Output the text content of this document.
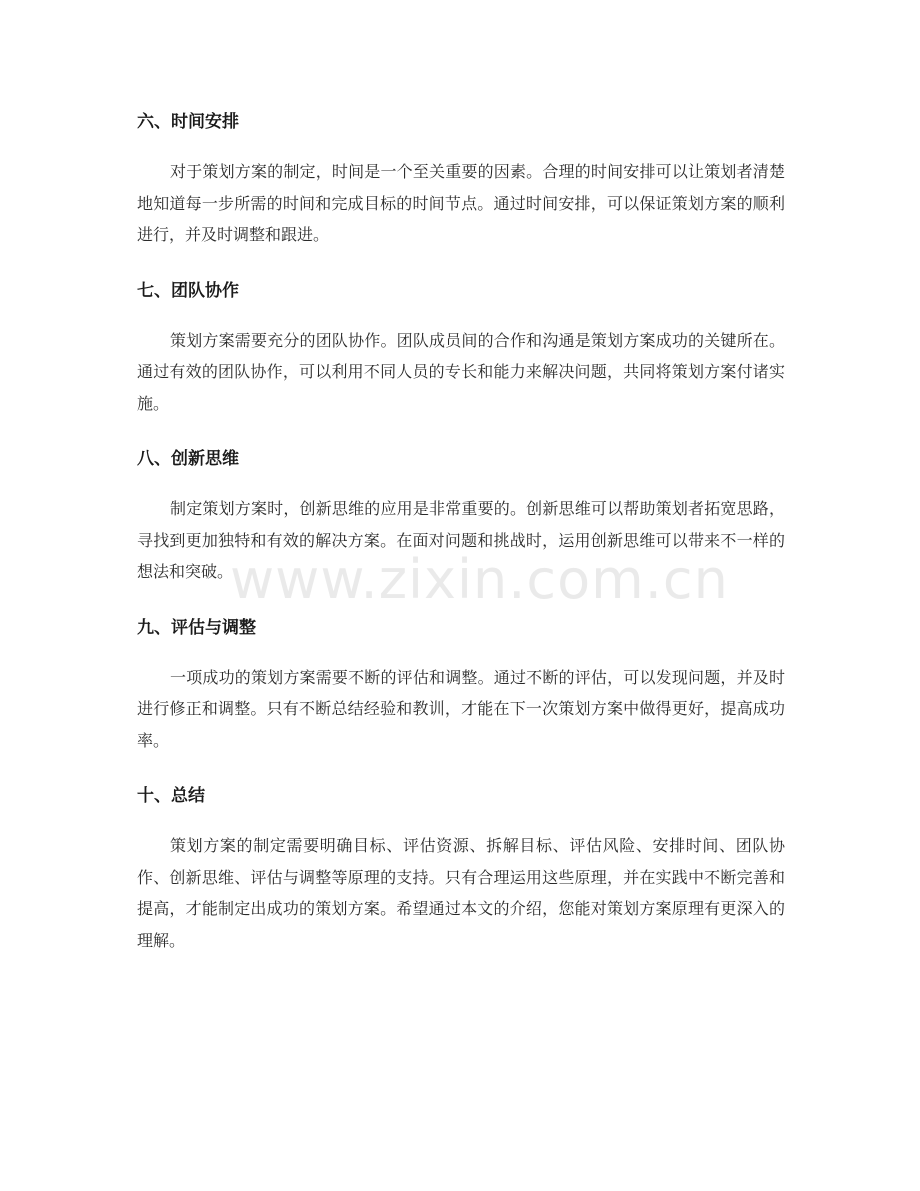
六、时间安排

对于策划方案的制定，时间是一个至关重要的因素。合理的时间安排可以让策划者清楚地知道每一步所需的时间和完成目标的时间节点。通过时间安排，可以保证策划方案的顺利进行，并及时调整和跟进。

七、团队协作

策划方案需要充分的团队协作。团队成员间的合作和沟通是策划方案成功的关键所在。通过有效的团队协作，可以利用不同人员的专长和能力来解决问题，共同将策划方案付诸实施。

八、创新思维

制定策划方案时，创新思维的应用是非常重要的。创新思维可以帮助策划者拓宽思路，寻找到更加独特和有效的解决方案。在面对问题和挑战时，运用创新思维可以带来不一样的想法和突破。

九、评估与调整

一项成功的策划方案需要不断的评估和调整。通过不断的评估，可以发现问题，并及时进行修正和调整。只有不断总结经验和教训，才能在下一次策划方案中做得更好，提高成功率。

十、总结

策划方案的制定需要明确目标、评估资源、拆解目标、评估风险、安排时间、团队协作、创新思维、评估与调整等原理的支持。只有合理运用这些原理，并在实践中不断完善和提高，才能制定出成功的策划方案。希望通过本文的介绍，您能对策划方案原理有更深入的理解。

www.zixin.com.cn
